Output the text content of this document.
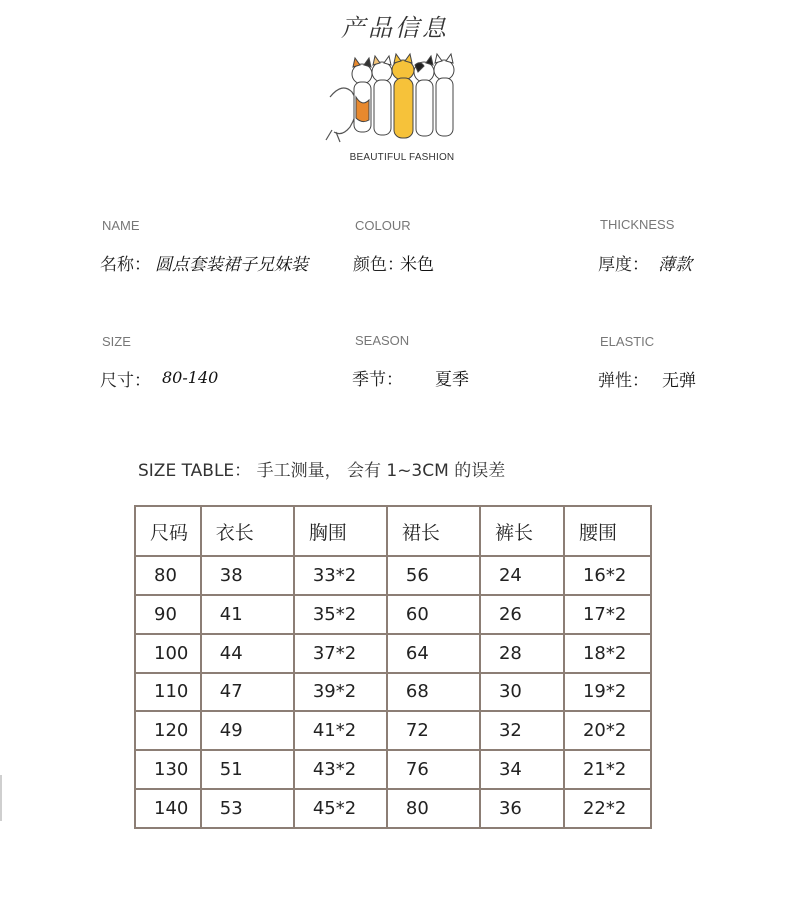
产品信息
BEAUTIFUL FASHION
NAME
名称： 圆点套装裙子兄妹装
COLOUR
颜色：
米色
THICKNESS
厚度： 薄款
SIZE
尺寸： 80-140
SEASON
季节： 夏季
ELASTIC
弹性： 无弹
SIZE TABLE： 手工测量， 会有 1~3CM 的误差
尺码	衣长	胸围	裙长	裤长	腰围
80	38	33*2	56	24	16*2
90	41	35*2	60	26	17*2
100	44	37*2	64	28	18*2
110	47	39*2	68	30	19*2
120	49	41*2	72	32	20*2
130	51	43*2	76	34	21*2
140	53	45*2	80	36	22*2
